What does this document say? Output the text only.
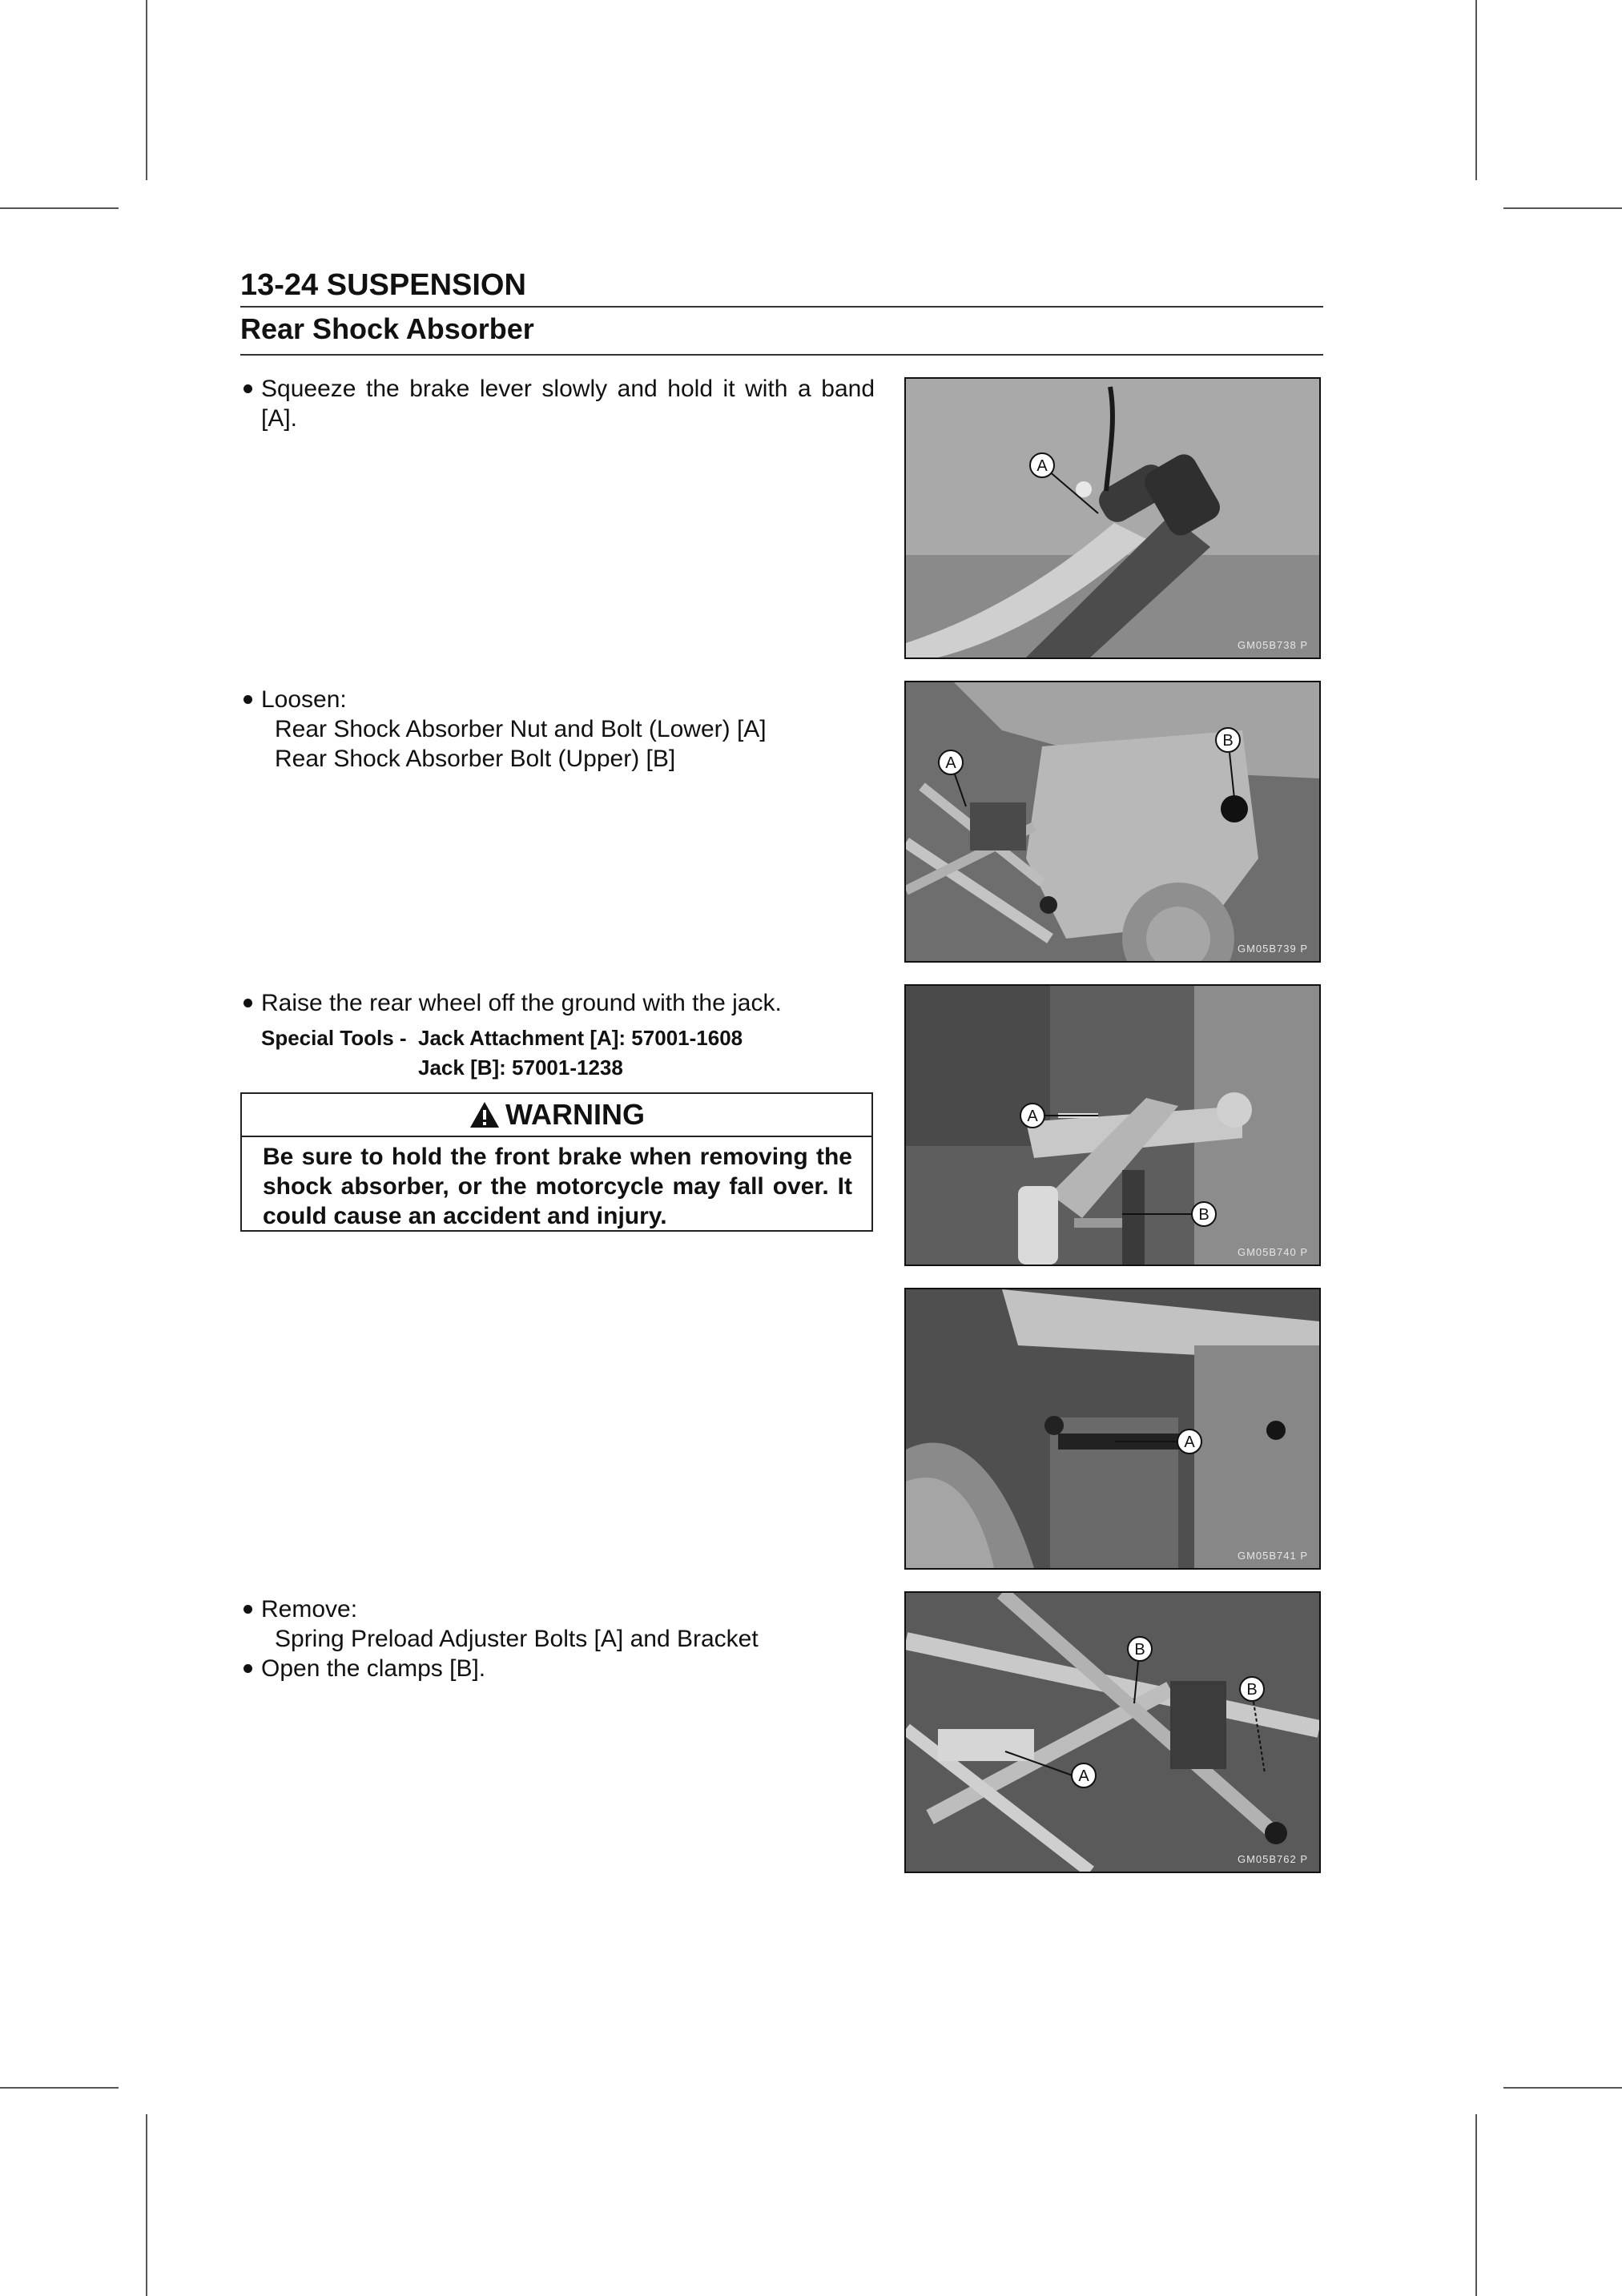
13-24 SUSPENSION
Rear Shock Absorber
Squeeze the brake lever slowly and hold it with a band [A].
Loosen:
Rear Shock Absorber Nut and Bolt (Lower) [A]
Rear Shock Absorber Bolt (Upper) [B]
Raise the rear wheel off the ground with the jack.
Special Tools - Jack Attachment [A]: 57001-1608
Jack [B]: 57001-1238
WARNING
Be sure to hold the front brake when removing the shock absorber, or the motorcycle may fall over. It could cause an accident and injury.
Remove:
Spring Preload Adjuster Bolts [A] and Bracket
Open the clamps [B].
A
GM05B738 P
A
B
GM05B739 P
A
B
GM05B740 P
A
GM05B741 P
B
B
A
GM05B762 P
